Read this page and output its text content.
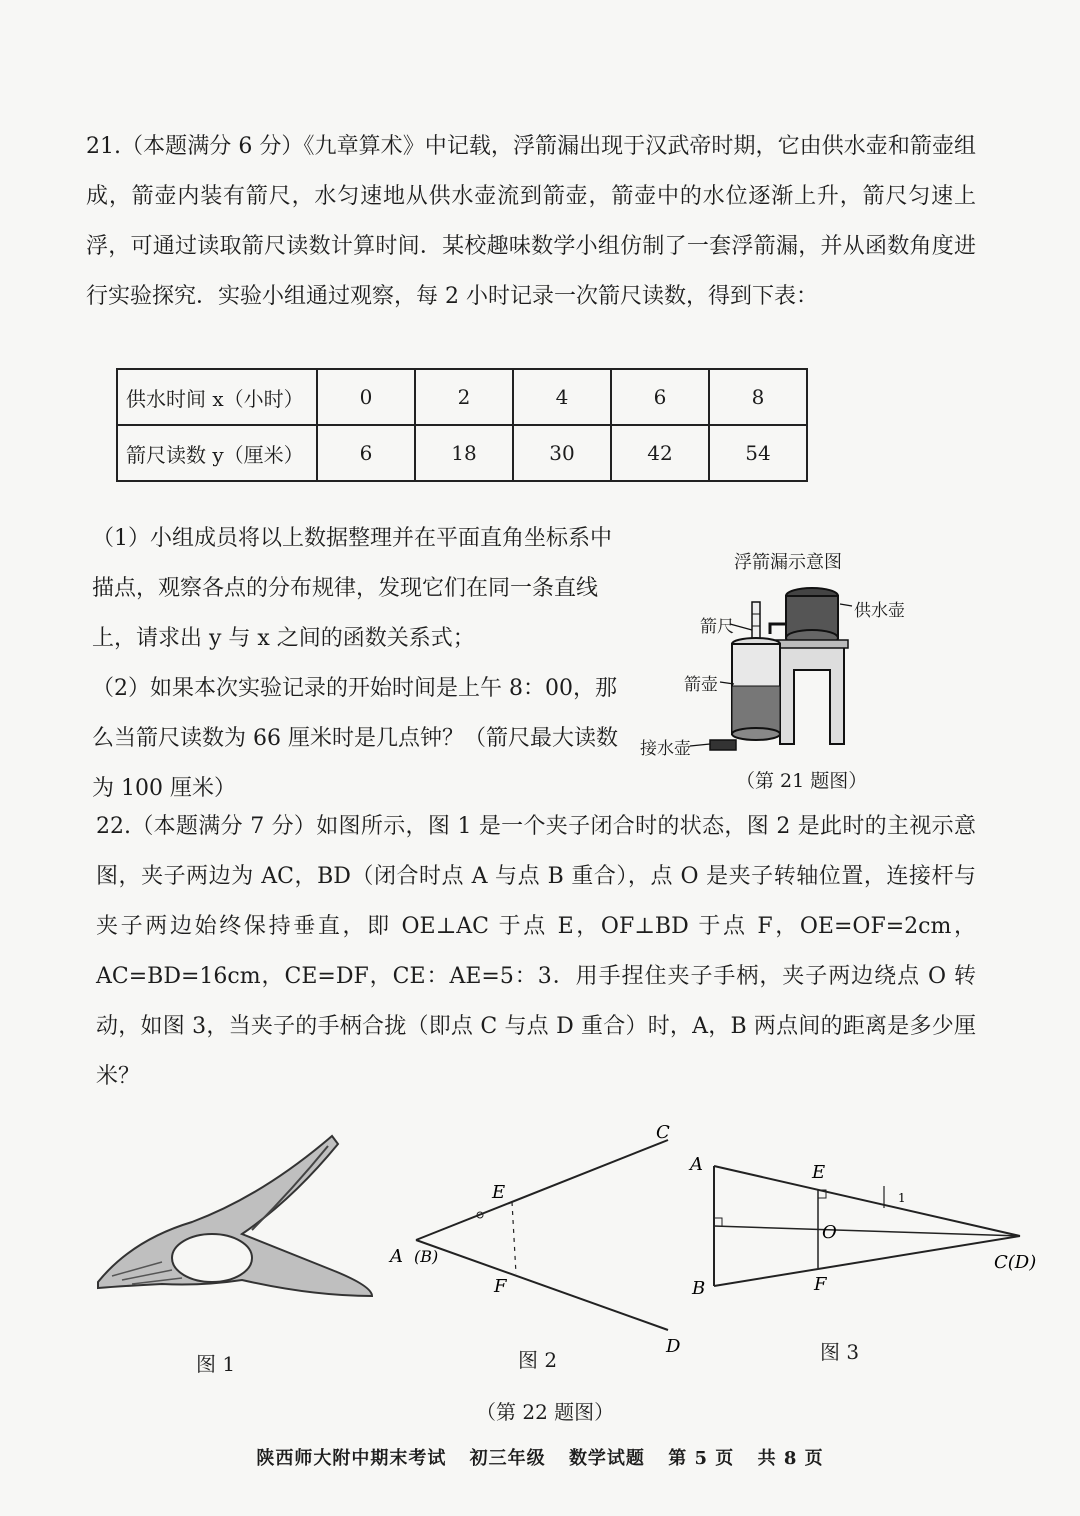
21.（本题满分 6 分）《九章算术》中记载，浮箭漏出现于汉武帝时期，它由供水壶和箭壶组成，箭壶内装有箭尺，水匀速地从供水壶流到箭壶，箭壶中的水位逐渐上升，箭尺匀速上浮，可通过读取箭尺读数计算时间．某校趣味数学小组仿制了一套浮箭漏，并从函数角度进行实验探究．实验小组通过观察，每 2 小时记录一次箭尺读数，得到下表：
供水时间 x（小时）	0	2	4	6	8
箭尺读数 y（厘米）	6	18	30	42	54
（1）小组成员将以上数据整理并在平面直角坐标系中描点，观察各点的分布规律，发现它们在同一条直线上，请求出 y 与 x 之间的函数关系式；
（2）如果本次实验记录的开始时间是上午 8：00，那么当箭尺读数为 66 厘米时是几点钟？（箭尺最大读数为 100 厘米）
浮箭漏示意图
箭尺
供水壶
箭壶
接水壶
（第 21 题图）
22.（本题满分 7 分）如图所示，图 1 是一个夹子闭合时的状态，图 2 是此时的主视示意图，夹子两边为 AC，BD（闭合时点 A 与点 B 重合），点 O 是夹子转轴位置，连接杆与夹子两边始终保持垂直，即 OE⊥AC 于点 E，OF⊥BD 于点 F，OE=OF=2cm，AC=BD=16cm，CE=DF，CE：AE=5：3．用手捏住夹子手柄，夹子两边绕点 O 转动，如图 3，当夹子的手柄合拢（即点 C 与点 D 重合）时，A，B 两点间的距离是多少厘米？
图 1
A (B)
C
D
E
F
图 2
A
B
C(D)
E
F
O
1
图 3
（第 22 题图）
陕西师大附中期末考试 初三年级 数学试题 第 5 页 共 8 页
